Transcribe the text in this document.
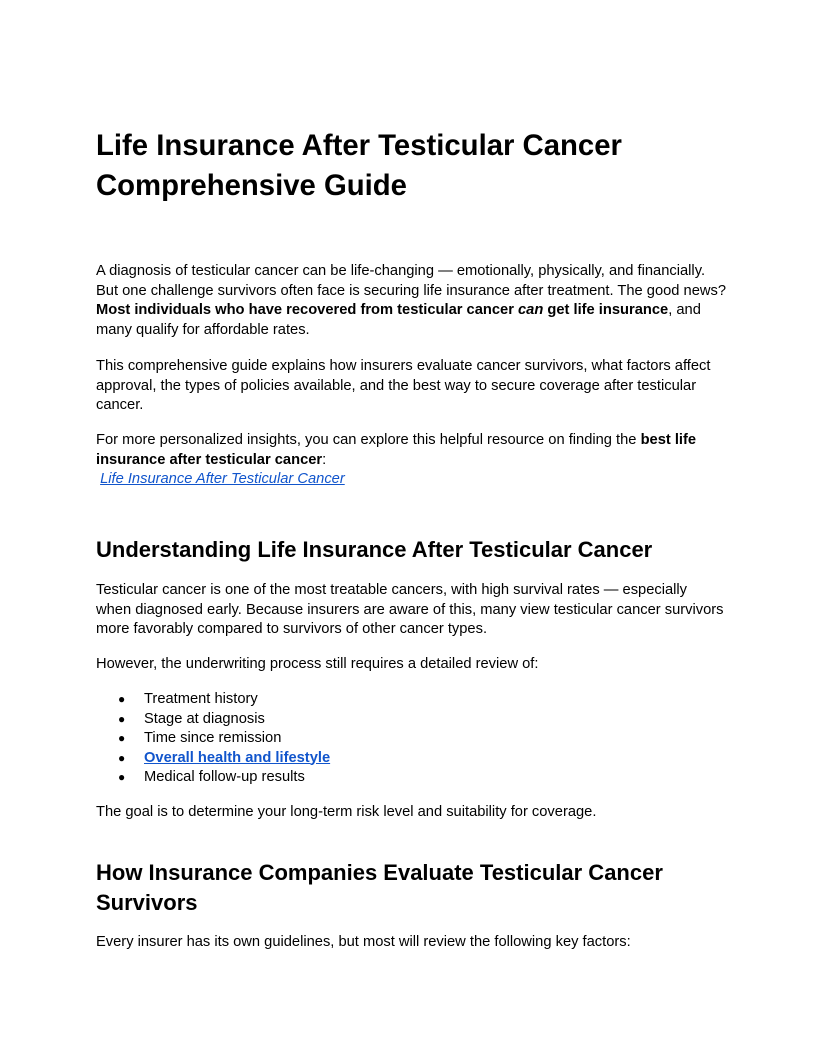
Life Insurance After Testicular Cancer
Comprehensive Guide

A diagnosis of testicular cancer can be life-changing — emotionally, physically, and financially. But one challenge survivors often face is securing life insurance after treatment. The good news? Most individuals who have recovered from testicular cancer can get life insurance, and many qualify for affordable rates.

This comprehensive guide explains how insurers evaluate cancer survivors, what factors affect approval, the types of policies available, and the best way to secure coverage after testicular cancer.

For more personalized insights, you can explore this helpful resource on finding the best life insurance after testicular cancer:
Life Insurance After Testicular Cancer

Understanding Life Insurance After Testicular Cancer

Testicular cancer is one of the most treatable cancers, with high survival rates — especially when diagnosed early. Because insurers are aware of this, many view testicular cancer survivors more favorably compared to survivors of other cancer types.

However, the underwriting process still requires a detailed review of:

● Treatment history
● Stage at diagnosis
● Time since remission
● Overall health and lifestyle
● Medical follow-up results

The goal is to determine your long-term risk level and suitability for coverage.

How Insurance Companies Evaluate Testicular Cancer Survivors

Every insurer has its own guidelines, but most will review the following key factors:
